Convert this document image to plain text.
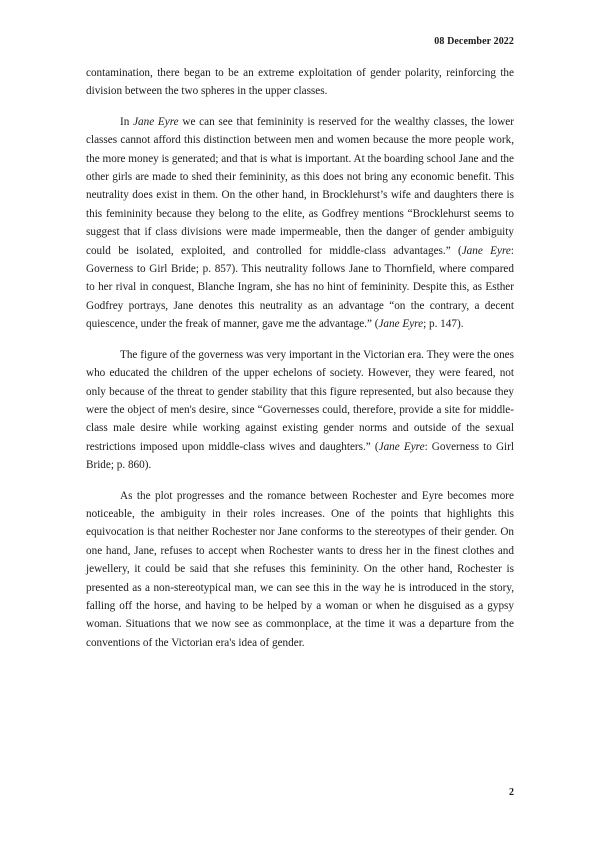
08 December 2022

contamination, there began to be an extreme exploitation of gender polarity, reinforcing the division between the two spheres in the upper classes.

In Jane Eyre we can see that femininity is reserved for the wealthy classes, the lower classes cannot afford this distinction between men and women because the more people work, the more money is generated; and that is what is important. At the boarding school Jane and the other girls are made to shed their femininity, as this does not bring any economic benefit. This neutrality does exist in them. On the other hand, in Brocklehurst’s wife and daughters there is this femininity because they belong to the elite, as Godfrey mentions “Brocklehurst seems to suggest that if class divisions were made impermeable, then the danger of gender ambiguity could be isolated, exploited, and controlled for middle-class advantages.” (Jane Eyre: Governess to Girl Bride; p. 857). This neutrality follows Jane to Thornfield, where compared to her rival in conquest, Blanche Ingram, she has no hint of femininity. Despite this, as Esther Godfrey portrays, Jane denotes this neutrality as an advantage “on the contrary, a decent quiescence, under the freak of manner, gave me the advantage.” (Jane Eyre; p. 147).

The figure of the governess was very important in the Victorian era. They were the ones who educated the children of the upper echelons of society. However, they were feared, not only because of the threat to gender stability that this figure represented, but also because they were the object of men's desire, since “Governesses could, therefore, provide a site for middle-class male desire while working against existing gender norms and outside of the sexual restrictions imposed upon middle-class wives and daughters.” (Jane Eyre: Governess to Girl Bride; p. 860).

As the plot progresses and the romance between Rochester and Eyre becomes more noticeable, the ambiguity in their roles increases. One of the points that highlights this equivocation is that neither Rochester nor Jane conforms to the stereotypes of their gender. On one hand, Jane, refuses to accept when Rochester wants to dress her in the finest clothes and jewellery, it could be said that she refuses this femininity. On the other hand, Rochester is presented as a non-stereotypical man, we can see this in the way he is introduced in the story, falling off the horse, and having to be helped by a woman or when he disguised as a gypsy woman. Situations that we now see as commonplace, at the time it was a departure from the conventions of the Victorian era's idea of gender.

2
